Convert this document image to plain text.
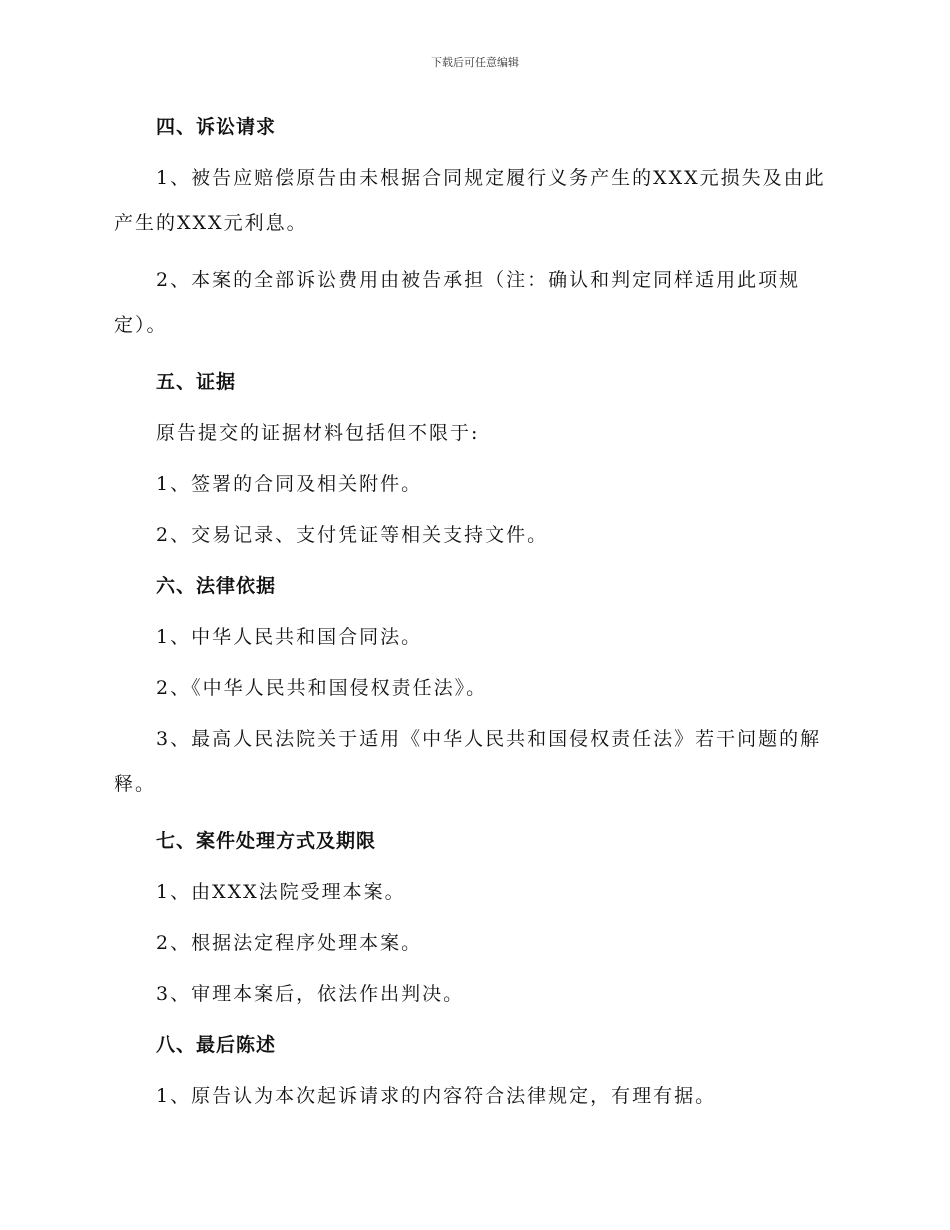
下载后可任意编辑
四、诉讼请求

1、被告应赔偿原告由未根据合同规定履行义务产生的XXX元损失及由此产生的XXX元利息。

2、本案的全部诉讼费用由被告承担（注：确认和判定同样适用此项规定）。

五、证据

原告提交的证据材料包括但不限于:

1、签署的合同及相关附件。

2、交易记录、支付凭证等相关支持文件。

六、法律依据

1、中华人民共和国合同法。

2、《中华人民共和国侵权责任法》。

3、最高人民法院关于适用《中华人民共和国侵权责任法》若干问题的解释。

七、案件处理方式及期限

1、由XXX法院受理本案。

2、根据法定程序处理本案。

3、审理本案后，依法作出判决。

八、最后陈述

1、原告认为本次起诉请求的内容符合法律规定，有理有据。
